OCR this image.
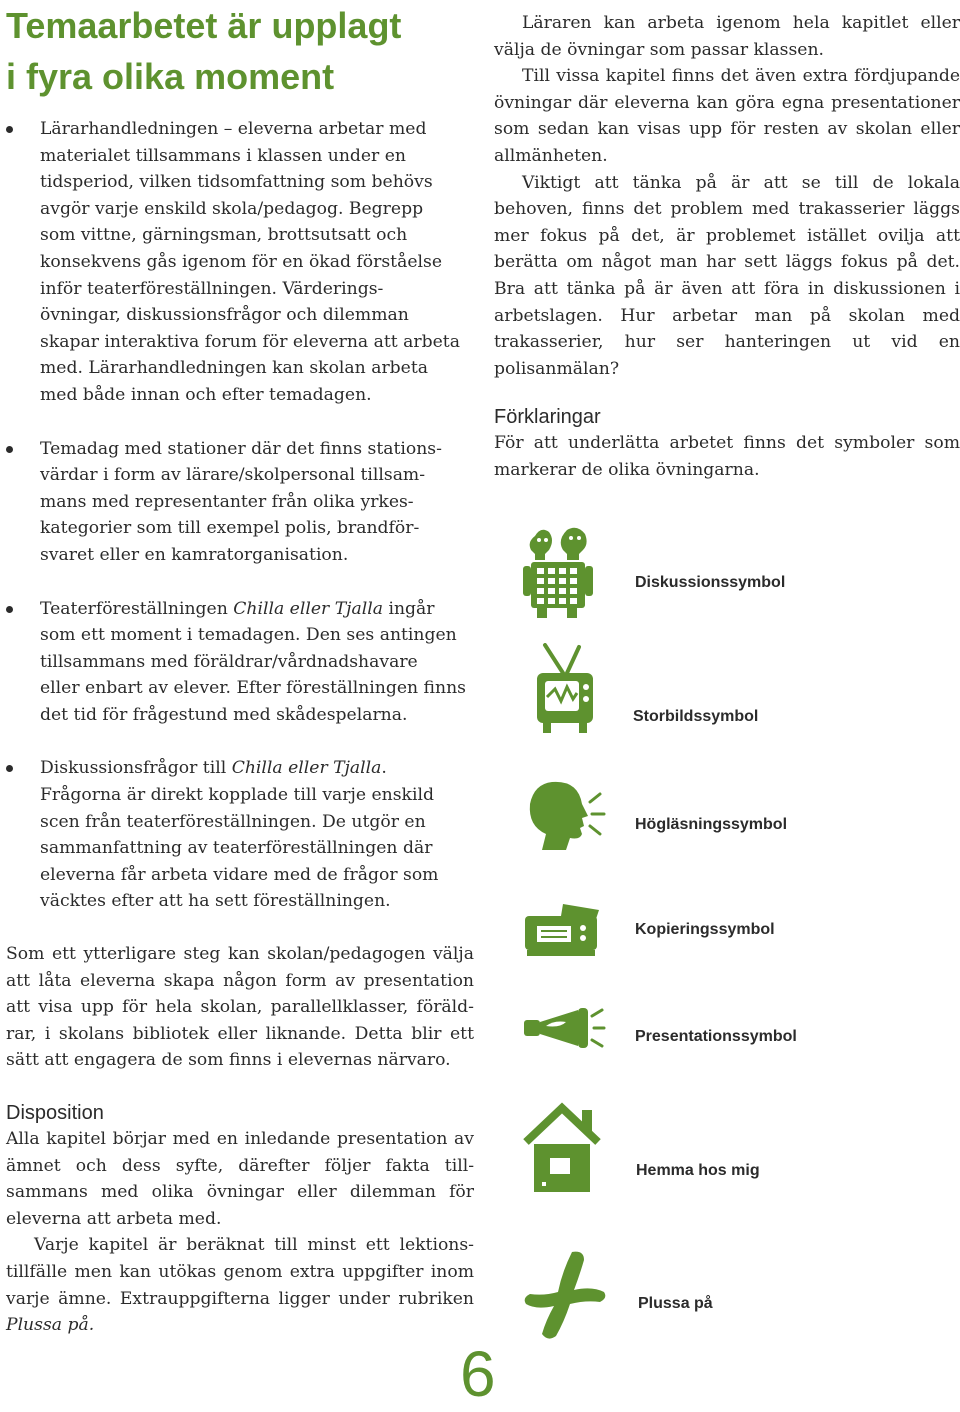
Temaarbetet är upplagt
i fyra olika moment
Lärarhandledningen – eleverna arbetar med
materialet tillsammans i klassen under en
tidsperiod, vilken tidsomfattning som behövs
avgör varje enskild skola/pedagog. Begrepp
som vittne, gärningsman, brottsutsatt och
konsekvens gås igenom för en ökad förståelse
inför teaterföreställningen. Värderings-
övningar, diskussionsfrågor och dilemman
skapar interaktiva forum för eleverna att arbeta
med. Lärarhandledningen kan skolan arbeta
med både innan och efter temadagen.
Temadag med stationer där det finns stations-
värdar i form av lärare/skolpersonal tillsam-
mans med representanter från olika yrkes-
kategorier som till exempel polis, brandför-
svaret eller en kamratorganisation.
Teaterföreställningen Chilla eller Tjalla ingår
som ett moment i temadagen. Den ses antingen
tillsammans med föräldrar/vårdnadshavare
eller enbart av elever. Efter föreställningen finns
det tid för frågestund med skådespelarna.
Diskussionsfrågor till Chilla eller Tjalla.
Frågorna är direkt kopplade till varje enskild
scen från teaterföreställningen. De utgör en
sammanfattning av teaterföreställningen där
eleverna får arbeta vidare med de frågor som
väcktes efter att ha sett föreställningen.

Som ett ytterligare steg kan skolan/pedagogen välja att låta eleverna skapa någon form av presentation att visa upp för hela skolan, parallellklasser, föräld-rar, i skolans bibliotek eller liknande. Detta blir ett sätt att engagera de som finns i elevernas närvaro.

Disposition

Alla kapitel börjar med en inledande presentation av ämnet och dess syfte, därefter följer fakta till-sammans med olika övningar eller dilemman för eleverna att arbeta med.

Varje kapitel är beräknat till minst ett lektions-tillfälle men kan utökas genom extra uppgifter inom varje ämne. Extrauppgifterna ligger under rubriken Plussa på.

Läraren kan arbeta igenom hela kapitlet eller välja de övningar som passar klassen.

Till vissa kapitel finns det även extra fördjupande övningar där eleverna kan göra egna presentationer som sedan kan visas upp för resten av skolan eller allmänheten.

Viktigt att tänka på är att se till de lokala behoven, finns det problem med trakasserier läggs mer fokus på det, är problemet istället ovilja att berätta om något man har sett läggs fokus på det. Bra att tänka på är även att föra in diskussionen i arbetslagen. Hur arbetar man på skolan med trakasserier, hur ser hanteringen ut vid en polisanmälan?

Förklaringar

För att underlätta arbetet finns det symboler som markerar de olika övningarna.

Diskussionssymbol
Storbildssymbol
Högläsningssymbol
Kopieringssymbol
Presentationssymbol
Hemma hos mig
Plussa på
6
